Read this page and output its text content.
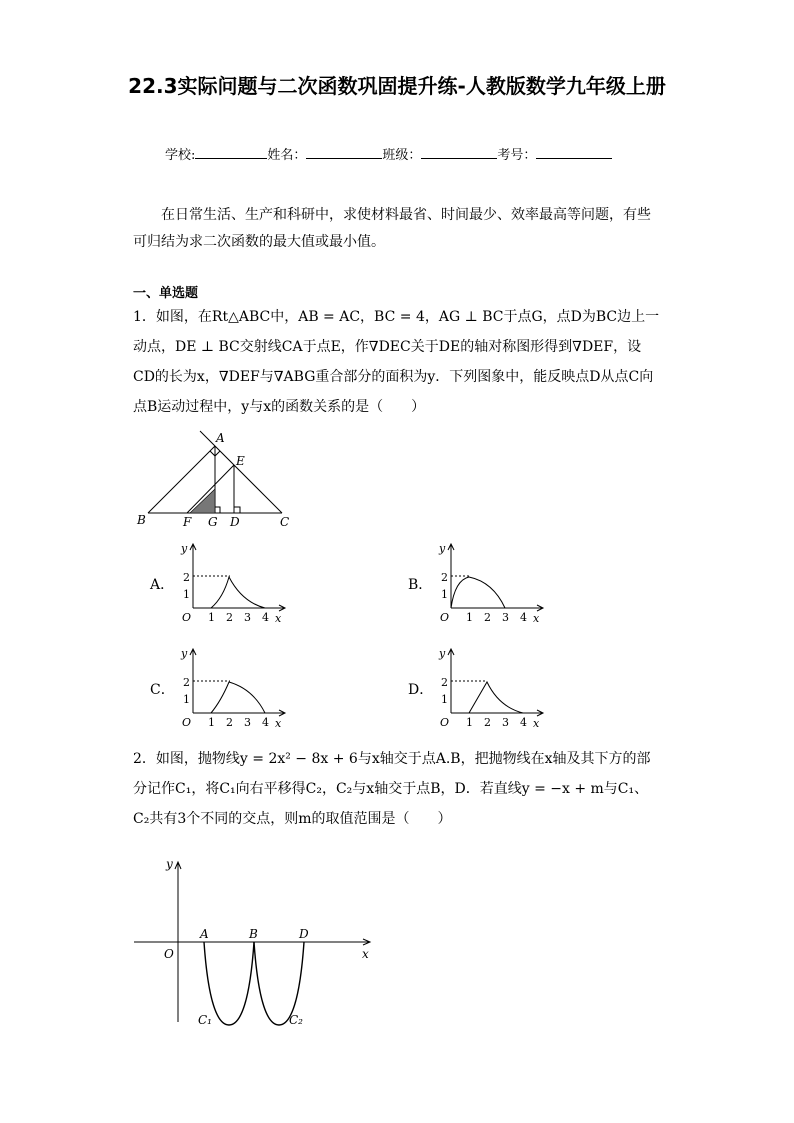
22.3实际问题与二次函数巩固提升练-人教版数学九年级上册
学校:	姓名：	班级：	考号：
在日常生活、生产和科研中，求使材料最省、时间最少、效率最高等问题，有些可归结为求二次函数的最大值或最小值。
一、单选题
1．如图，在Rt△ABC中，AB = AC，BC = 4，AG ⊥ BC于点G，点D为BC边上一动点，DE ⊥ BC交射线CA于点E，作∇DEC关于DE的轴对称图形得到∇DEF，设CD的长为x，∇DEF与∇ABG重合部分的面积为y．下列图象中，能反映点D从点C向点B运动过程中，y与x的函数关系的是（　　）
A
E
B	F G D	C
A．	B．
C．	D．
y
2
1
O 1 2 3 4 x
y
2
1
O 1 2 3 4 x
y
2
1
O 1 2 3 4 x
y
2
1
O 1 2 3 4 x
2．如图，抛物线y = 2x² − 8x + 6与x轴交于点A.B，把抛物线在x轴及其下方的部分记作C₁，将C₁向右平移得C₂，C₂与x轴交于点B，D．若直线y = −x + m与C₁、C₂共有3个不同的交点，则m的取值范围是（　　）
y
x
O
A	B	D
C₁	C₂
